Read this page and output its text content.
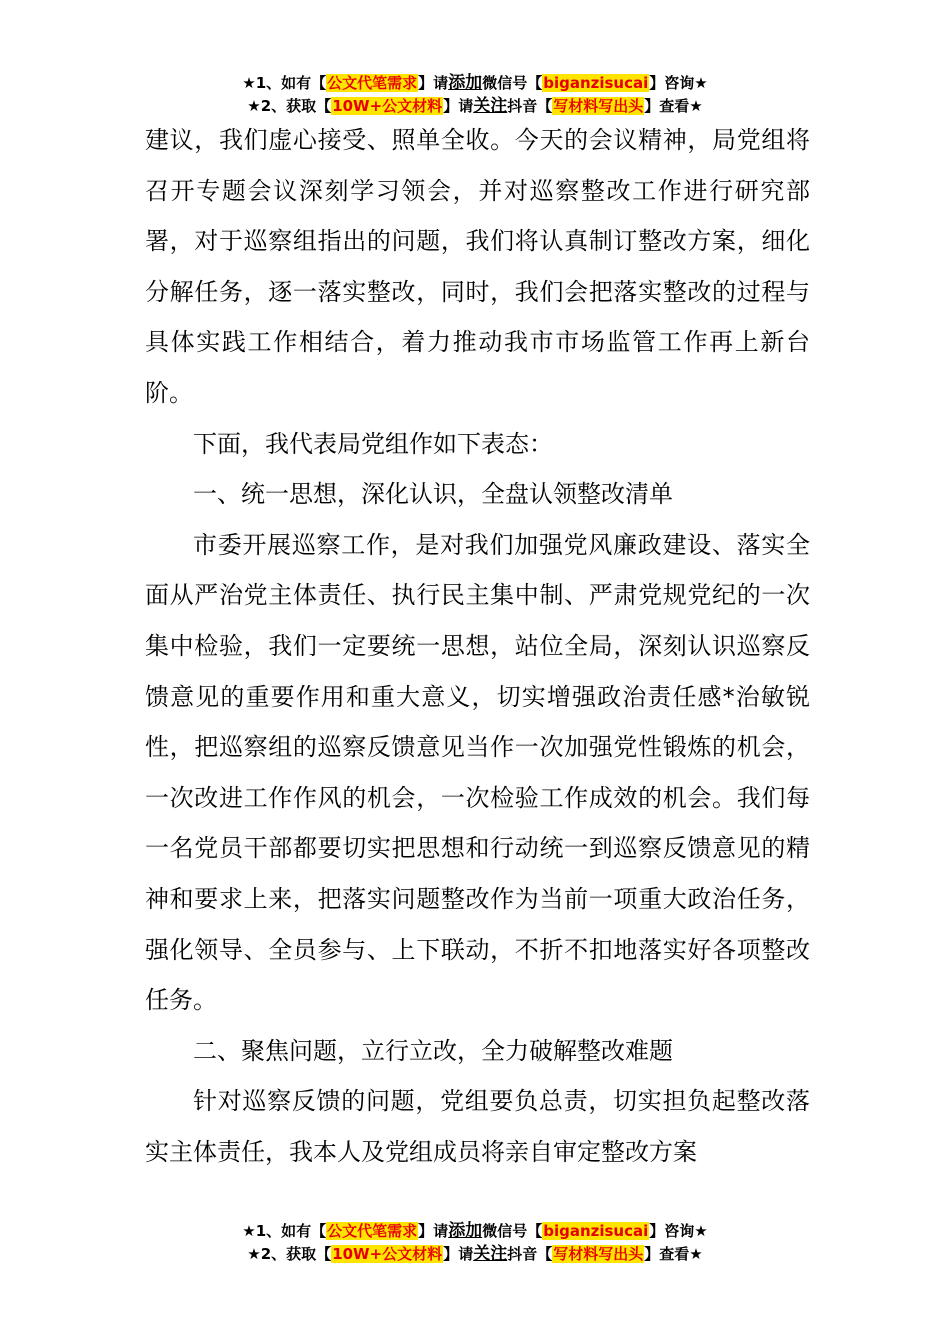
★1、如有【公文代笔需求】请添加微信号【biganzisucai】咨询★
★2、获取【10W+公文材料】请关注抖音【写材料写出头】查看★

建议，我们虚心接受、照单全收。今天的会议精神，局党组将召开专题会议深刻学习领会，并对巡察整改工作进行研究部署，对于巡察组指出的问题，我们将认真制订整改方案，细化分解任务，逐一落实整改，同时，我们会把落实整改的过程与具体实践工作相结合，着力推动我市市场监管工作再上新台阶。

下面，我代表局党组作如下表态：

一、统一思想，深化认识，全盘认领整改清单

市委开展巡察工作，是对我们加强党风廉政建设、落实全面从严治党主体责任、执行民主集中制、严肃党规党纪的一次集中检验，我们一定要统一思想，站位全局，深刻认识巡察反馈意见的重要作用和重大意义，切实增强政治责任感*治敏锐性，把巡察组的巡察反馈意见当作一次加强党性锻炼的机会，一次改进工作作风的机会，一次检验工作成效的机会。我们每一名党员干部都要切实把思想和行动统一到巡察反馈意见的精神和要求上来，把落实问题整改作为当前一项重大政治任务，强化领导、全员参与、上下联动，不折不扣地落实好各项整改任务。

二、聚焦问题，立行立改，全力破解整改难题

针对巡察反馈的问题，党组要负总责，切实担负起整改落实主体责任，我本人及党组成员将亲自审定整改方案

★1、如有【公文代笔需求】请添加微信号【biganzisucai】咨询★
★2、获取【10W+公文材料】请关注抖音【写材料写出头】查看★
